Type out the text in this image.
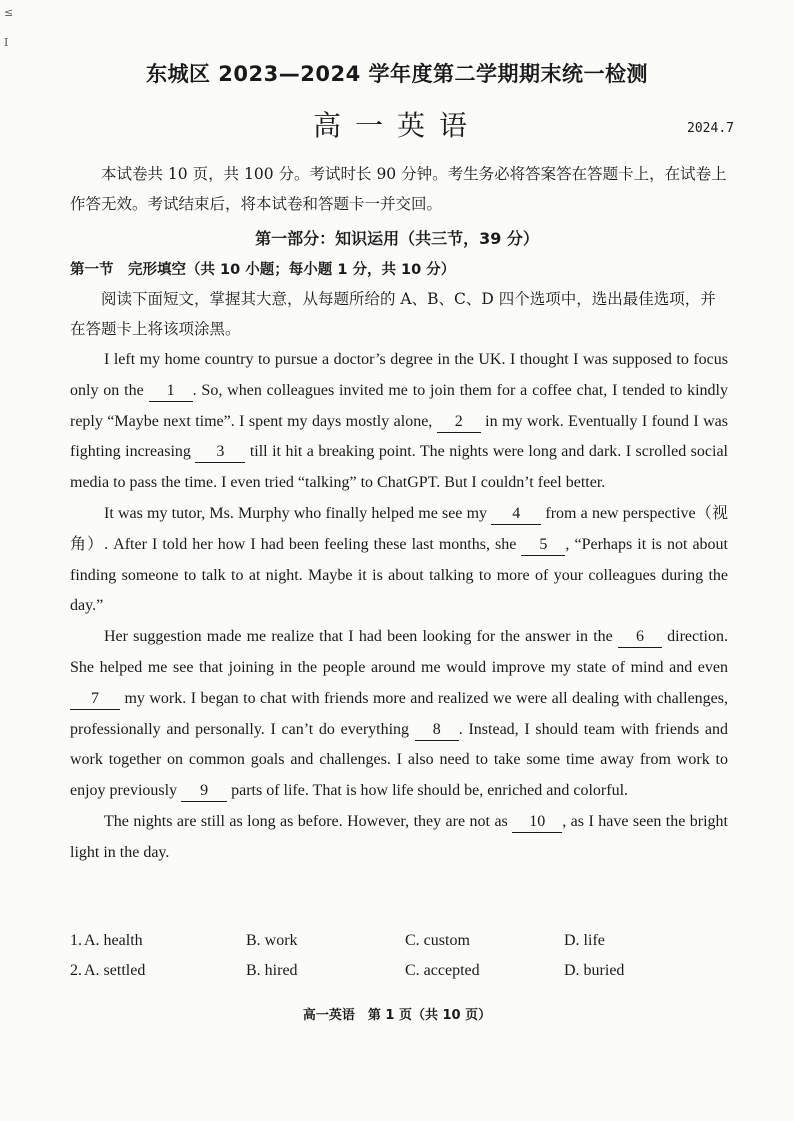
≤
I
东城区 2023—2024 学年度第二学期期末统一检测
高一英语	2024.7
本试卷共 10 页，共 100 分。考试时长 90 分钟。考生务必将答案答在答题卡上，在试卷上作答无效。考试结束后，将本试卷和答题卡一并交回。
第一部分：知识运用（共三节，39 分）
第一节　完形填空（共 10 小题；每小题 1 分，共 10 分）
阅读下面短文，掌握其大意，从每题所给的 A、B、C、D 四个选项中，选出最佳选项，并在答题卡上将该项涂黑。

I left my home country to pursue a doctor’s degree in the UK. I thought I was supposed to focus only on the 1 . So, when colleagues invited me to join them for a coffee chat, I tended to kindly reply “Maybe next time”. I spent my days mostly alone, 2 in my work. Eventually I found I was fighting increasing 3 till it hit a breaking point. The nights were long and dark. I scrolled social media to pass the time. I even tried “talking” to ChatGPT. But I couldn’t feel better.

It was my tutor, Ms. Murphy who finally helped me see my 4 from a new perspective（视角）. After I told her how I had been feeling these last months, she 5 , “Perhaps it is not about finding someone to talk to at night. Maybe it is about talking to more of your colleagues during the day.”

Her suggestion made me realize that I had been looking for the answer in the 6 direction. She helped me see that joining in the people around me would improve my state of mind and even 7 my work. I began to chat with friends more and realized we were all dealing with challenges, professionally and personally. I can’t do everything 8 . Instead, I should team with friends and work together on common goals and challenges. I also need to take some time away from work to enjoy previously 9 parts of life. That is how life should be, enriched and colorful.

The nights are still as long as before. However, they are not as 10 , as I have seen the bright light in the day.

1. A. health	B. work	C. custom	D. life
2. A. settled	B. hired	C. accepted	D. buried
高一英语　第 1 页（共 10 页）
